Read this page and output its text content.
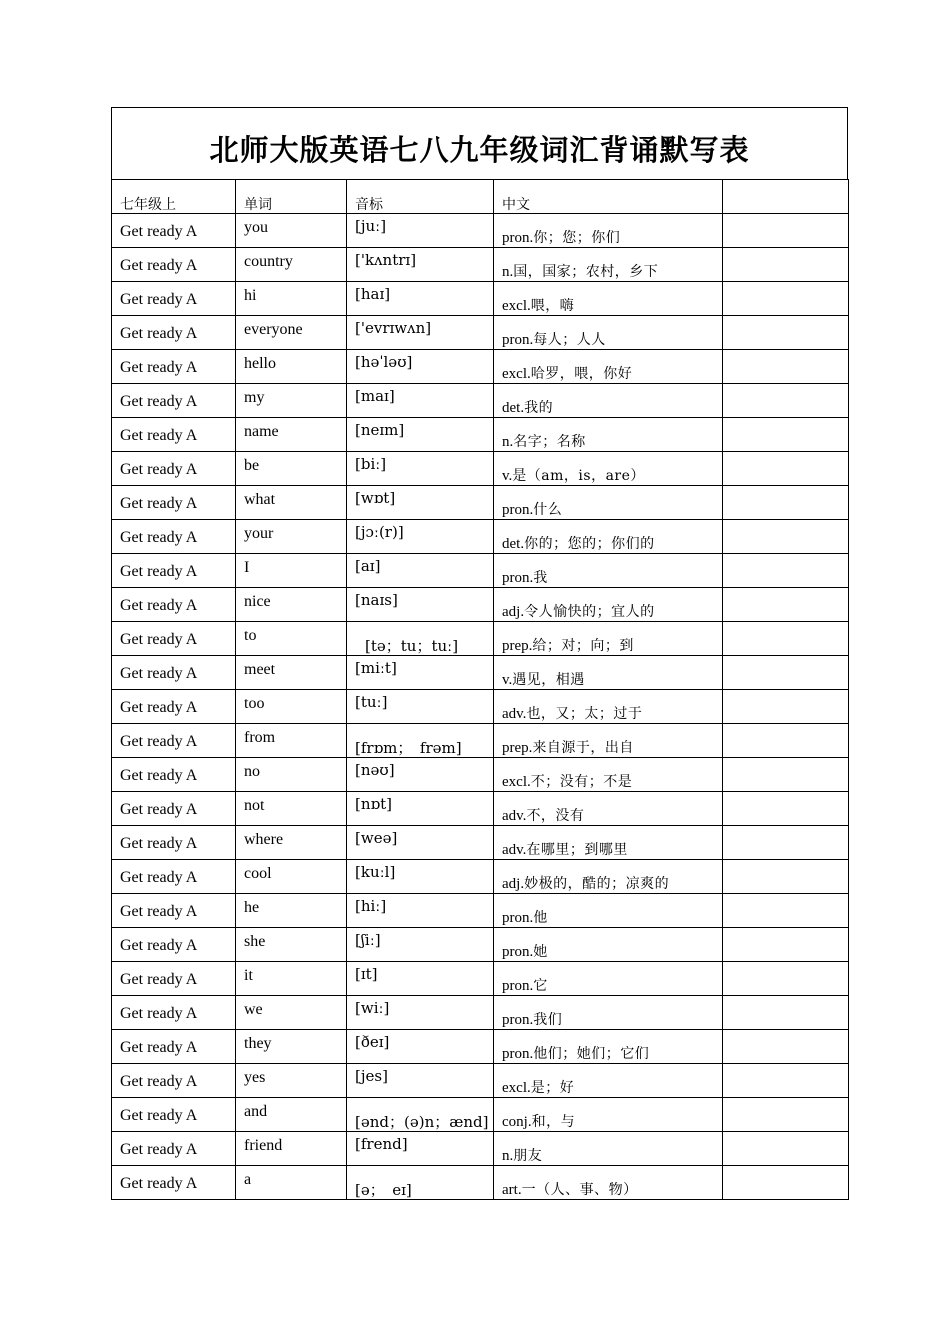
北师大版英语七八九年级词汇背诵默写表
七年级上	单词	音标	中文	
Get ready A	you	[juː]	pron.你；您；你们	
Get ready A	country	['kʌntrɪ]	n.国，国家；农村，乡下	
Get ready A	hi	[haɪ]	excl.喂，嗨	
Get ready A	everyone	['evrɪwʌn]	pron.每人；人人	
Get ready A	hello	[həˈləʊ]	excl.哈罗，喂，你好	
Get ready A	my	[maɪ]	det.我的	
Get ready A	name	[neɪm]	n.名字；名称	
Get ready A	be	[biː]	v.是（am，is，are）	
Get ready A	what	[wɒt]	pron.什么	
Get ready A	your	[jɔː(r)]	det.你的；您的；你们的	
Get ready A	I	[aɪ]	pron.我	
Get ready A	nice	[naɪs]	adj.令人愉快的；宜人的	
Get ready A	to	[tə；tu；tuː]	prep.给；对；向；到	
Get ready A	meet	[miːt]	v.遇见，相遇	
Get ready A	too	[tuː]	adv.也，又；太；过于	
Get ready A	from	[frɒm；　frəm]	prep.来自源于，出自	
Get ready A	no	[nəʊ]	excl.不；没有；不是	
Get ready A	not	[nɒt]	adv.不，没有	
Get ready A	where	[weə]	adv.在哪里；到哪里	
Get ready A	cool	[kuːl]	adj.妙极的，酷的；凉爽的	
Get ready A	he	[hiː]	pron.他	
Get ready A	she	[ʃiː]	pron.她	
Get ready A	it	[ɪt]	pron.它	
Get ready A	we	[wiː]	pron.我们	
Get ready A	they	[ðeɪ]	pron.他们；她们；它们	
Get ready A	yes	[jes]	excl.是；好	
Get ready A	and	[ənd；(ə)n；ænd]	conj.和，与	
Get ready A	friend	[frend]	n.朋友	
Get ready A	a	[ə；　eɪ]	art.一（人、事、物）	
